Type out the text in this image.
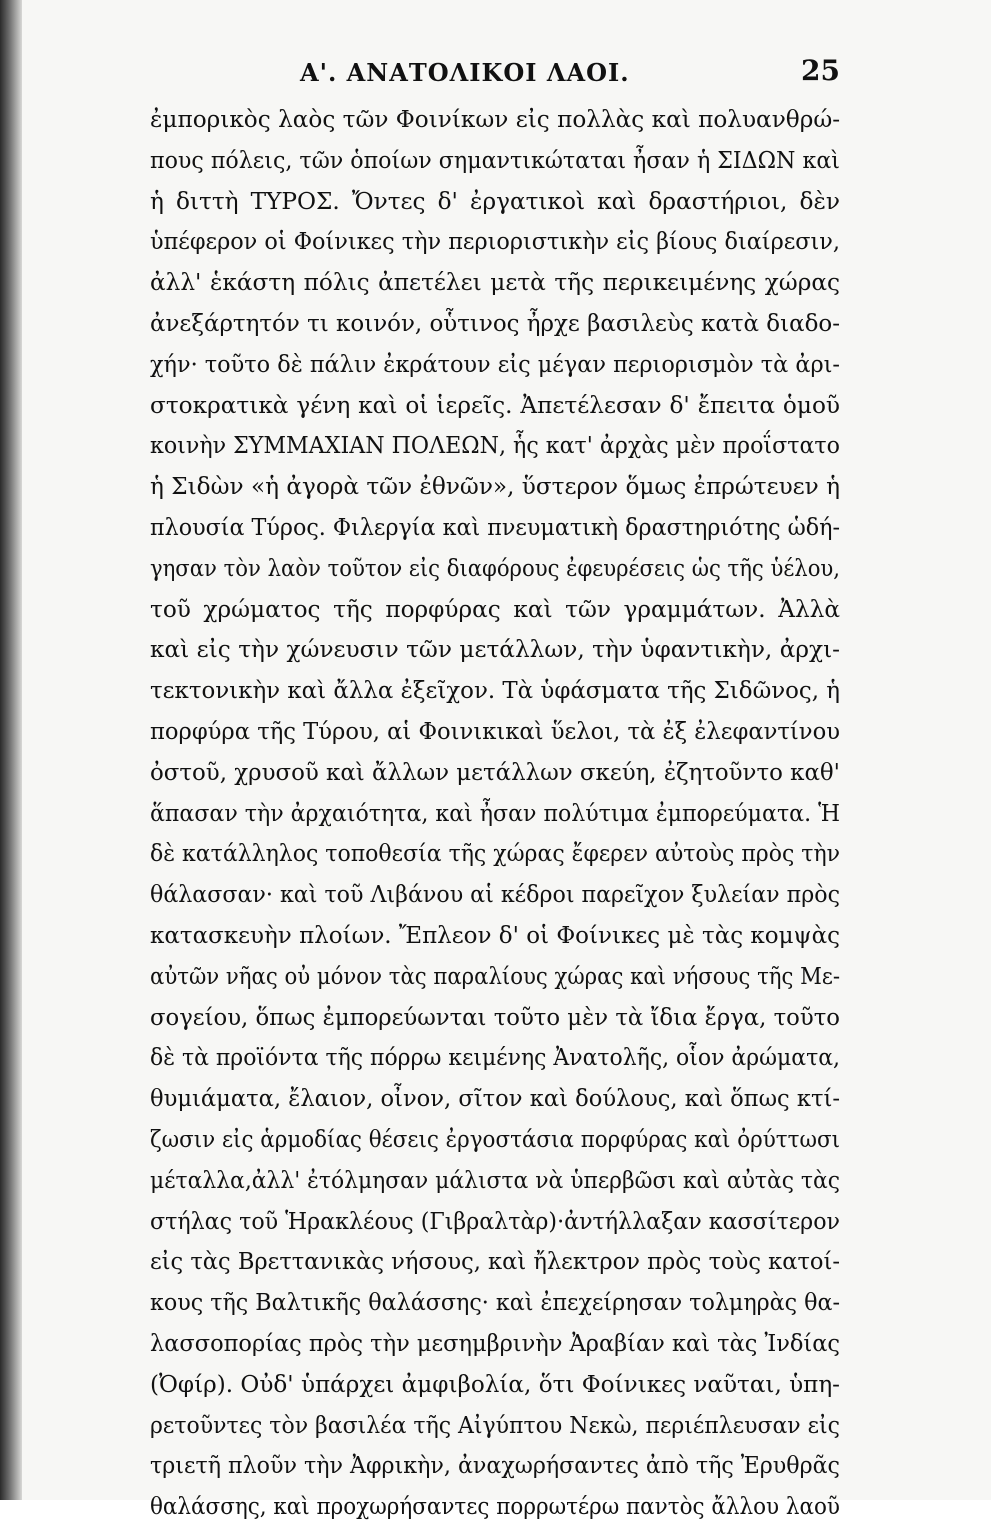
Α'. ΑΝΑΤΟΛΙΚΟΙ ΛΑΟΙ.	25
ἐμπορικὸς λαὸς τῶν Φοινίκων εἰς πολλὰς καὶ πολυανθρώ-
πους πόλεις, τῶν ὁποίων σημαντικώταται ἦσαν ἡ ΣΙΔΩΝ καὶ
ἡ διττὴ ΤΥΡΟΣ. Ὄντες δ' ἐργατικοὶ καὶ δραστήριοι, δὲν
ὑπέφερον οἱ Φοίνικες τὴν περιοριστικὴν εἰς βίους διαίρεσιν,
ἀλλ' ἑκάστη πόλις ἀπετέλει μετὰ τῆς περικειμένης χώρας
ἀνεξάρτητόν τι κοινόν, οὗτινος ἦρχε βασιλεὺς κατὰ διαδο-
χήν· τοῦτο δὲ πάλιν ἐκράτουν εἰς μέγαν περιορισμὸν τὰ ἀρι-
στοκρατικὰ γένη καὶ οἱ ἱερεῖς. Ἀπετέλεσαν δ' ἔπειτα ὁμοῦ
κοινὴν ΣΥΜΜΑΧΙΑΝ ΠΟΛΕΩΝ, ἧς κατ' ἀρχὰς μὲν προΐστατο
ἡ Σιδὼν «ἡ ἀγορὰ τῶν ἐθνῶν», ὕστερον ὅμως ἐπρώτευεν ἡ
πλουσία Τύρος. Φιλεργία καὶ πνευματικὴ δραστηριότης ὡδή-
γησαν τὸν λαὸν τοῦτον εἰς διαφόρους ἐφευρέσεις ὡς τῆς ὑέλου,
τοῦ χρώματος τῆς πορφύρας καὶ τῶν γραμμάτων. Ἀλλὰ
καὶ εἰς τὴν χώνευσιν τῶν μετάλλων, τὴν ὑφαντικὴν, ἀρχι-
τεκτονικὴν καὶ ἄλλα ἐξεῖχον. Τὰ ὑφάσματα τῆς Σιδῶνος, ἡ
πορφύρα τῆς Τύρου, αἱ Φοινικικαὶ ὕελοι, τὰ ἐξ ἐλεφαντίνου
ὀστοῦ, χρυσοῦ καὶ ἄλλων μετάλλων σκεύη, ἐζητοῦντο καθ'
ἅπασαν τὴν ἀρχαιότητα, καὶ ἦσαν πολύτιμα ἐμπορεύματα. Ἡ
δὲ κατάλληλος τοποθεσία τῆς χώρας ἔφερεν αὐτοὺς πρὸς τὴν
θάλασσαν· καὶ τοῦ Λιβάνου αἱ κέδροι παρεῖχον ξυλείαν πρὸς
κατασκευὴν πλοίων. Ἔπλεον δ' οἱ Φοίνικες μὲ τὰς κομψὰς
αὐτῶν νῆας οὐ μόνον τὰς παραλίους χώρας καὶ νήσους τῆς Με-
σογείου, ὅπως ἐμπορεύωνται τοῦτο μὲν τὰ ἴδια ἔργα, τοῦτο
δὲ τὰ προϊόντα τῆς πόρρω κειμένης Ἀνατολῆς, οἷον ἀρώματα,
θυμιάματα, ἔλαιον, οἶνον, σῖτον καὶ δούλους, καὶ ὅπως κτί-
ζωσιν εἰς ἁρμοδίας θέσεις ἐργοστάσια πορφύρας καὶ ὀρύττωσι
μέταλλα,ἀλλ' ἐτόλμησαν μάλιστα νὰ ὑπερβῶσι καὶ αὐτὰς τὰς
στήλας τοῦ Ἡρακλέους (Γιβραλτὰρ)·ἀντήλλαξαν κασσίτερον
εἰς τὰς Βρεττανικὰς νήσους, καὶ ἤλεκτρον πρὸς τοὺς κατοί-
κους τῆς Βαλτικῆς θαλάσσης· καὶ ἐπεχείρησαν τολμηρὰς θα-
λασσοπορίας πρὸς τὴν μεσημβρινὴν Ἀραβίαν καὶ τὰς Ἰνδίας
(Ὀφίρ). Οὐδ' ὑπάρχει ἀμφιβολία, ὅτι Φοίνικες ναῦται, ὑπη-
ρετοῦντες τὸν βασιλέα τῆς Αἰγύπτου Νεκὼ, περιέπλευσαν εἰς
τριετῆ πλοῦν τὴν Ἀφρικὴν, ἀναχωρήσαντες ἀπὸ τῆς Ἐρυθρᾶς
θαλάσσης, καὶ προχωρήσαντες πορρωτέρω παντὸς ἄλλου λαοῦ
